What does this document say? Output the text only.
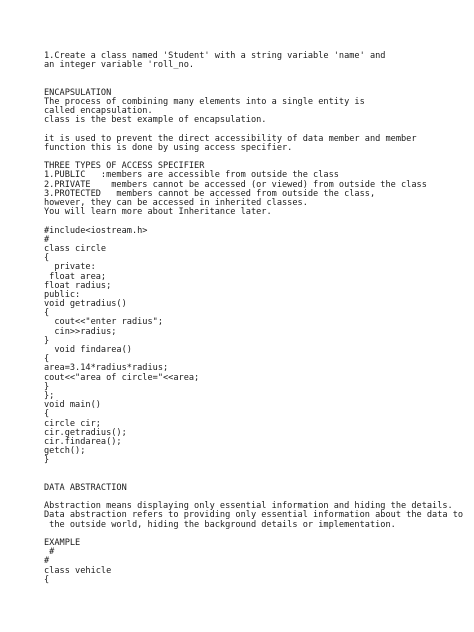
1.Create a class named 'Student' with a string variable 'name' and
an integer variable 'roll_no.
ENCAPSULATION
The process of combining many elements into a single entity is
called encapsulation.
class is the best example of encapsulation.
it is used to prevent the direct accessibility of data member and member
function this is done by using access specifier.
THREE TYPES OF ACCESS SPECIFIER
1.PUBLIC   :members are accessible from outside the class
2.PRIVATE    members cannot be accessed (or viewed) from outside the class
3.PROTECTED   members cannot be accessed from outside the class,
however, they can be accessed in inherited classes.
You will learn more about Inheritance later.
#include<iostream.h>
#
class circle
{
private:
float area;
float radius;
public:
void getradius()
{
cout<<"enter radius";
cin>>radius;
}
void findarea()
{
area=3.14*radius*radius;
cout<<"area of circle="<<area;
}
};
void main()
{
circle cir;
cir.getradius();
cir.findarea();
getch();
}
DATA ABSTRACTION
Abstraction means displaying only essential information and hiding the details.
Data abstraction refers to providing only essential information about the data to
the outside world, hiding the background details or implementation.
EXAMPLE
#
#
class vehicle
{
